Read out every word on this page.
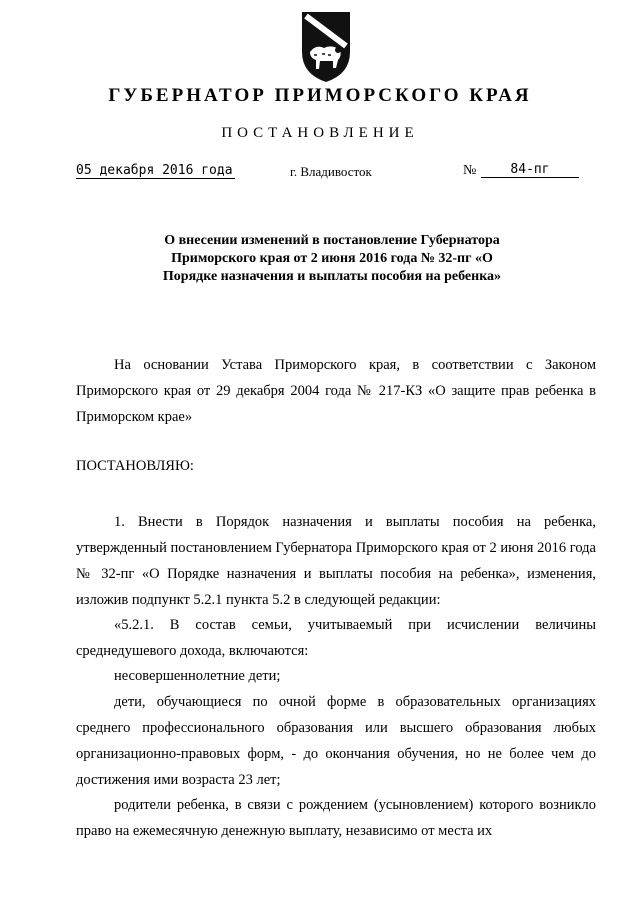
ГУБЕРНАТОР ПРИМОРСКОГО КРАЯ
ПОСТАНОВЛЕНИЕ
05 декабря 2016 года	г. Владивосток	№	84-пг
О внесении изменений в постановление Губернатора Приморского края от 2 июня 2016 года № 32-пг «О Порядке назначения и выплаты пособия на ребенка»
На основании Устава Приморского края, в соответствии с Законом Приморского края от 29 декабря 2004 года № 217-КЗ «О защите прав ребенка в Приморском крае»
ПОСТАНОВЛЯЮ:
1. Внести в Порядок назначения и выплаты пособия на ребенка, утвержденный постановлением Губернатора Приморского края от 2 июня 2016 года № 32-пг «О Порядке назначения и выплаты пособия на ребенка», изменения, изложив подпункт 5.2.1 пункта 5.2 в следующей редакции:
«5.2.1. В состав семьи, учитываемый при исчислении величины среднедушевого дохода, включаются:
несовершеннолетние дети;
дети, обучающиеся по очной форме в образовательных организациях среднего профессионального образования или высшего образования любых организационно-правовых форм, - до окончания обучения, но не более чем до достижения ими возраста 23 лет;
родители ребенка, в связи с рождением (усыновлением) которого возникло право на ежемесячную денежную выплату, независимо от места их
